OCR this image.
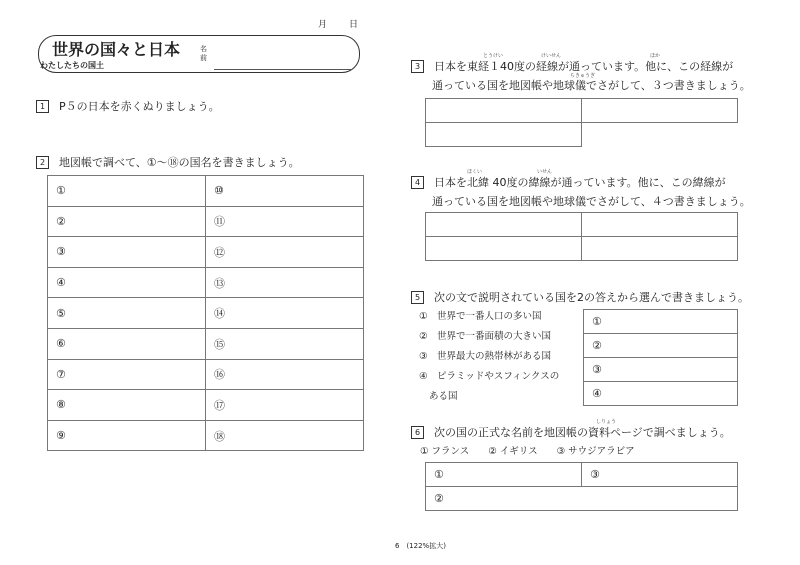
月 日
世界の国々と日本
わたしたちの国土
名前
1 P５の日本を赤くぬりましょう。
2 地図帳で調べて、①～⑱の国名を書きましょう。
①	⑩
②	⑪
③	⑫
④	⑬
⑤	⑭
⑥	⑮
⑦	⑯
⑧	⑰
⑨	⑱
3 日本を東経１40度の経線が通っています。他に、この経線が
とうけい	けいせん	ほか
通っている国を地図帳や地球儀でさがして、３つ書きましょう。
ちきゅうぎ

4 日本を北緯 40度の緯線が通っています。他に、この緯線が
ほくい	いせん
通っている国を地図帳や地球儀でさがして、４つ書きましょう。

5 次の文で説明されている国を2の答えから選んで書きましょう。
①　世界で一番人口の多い国
②　世界で一番面積の大きい国
③　世界最大の熱帯林がある国
④　ピラミッドやスフィンクスの
ある国
①
②
③
④
6 次の国の正式な名前を地図帳の資料ページで調べましょう。
しりょう
① フランス　　② イギリス　　③ サウジアラビア
①	③
②
6　(122%拡大)
